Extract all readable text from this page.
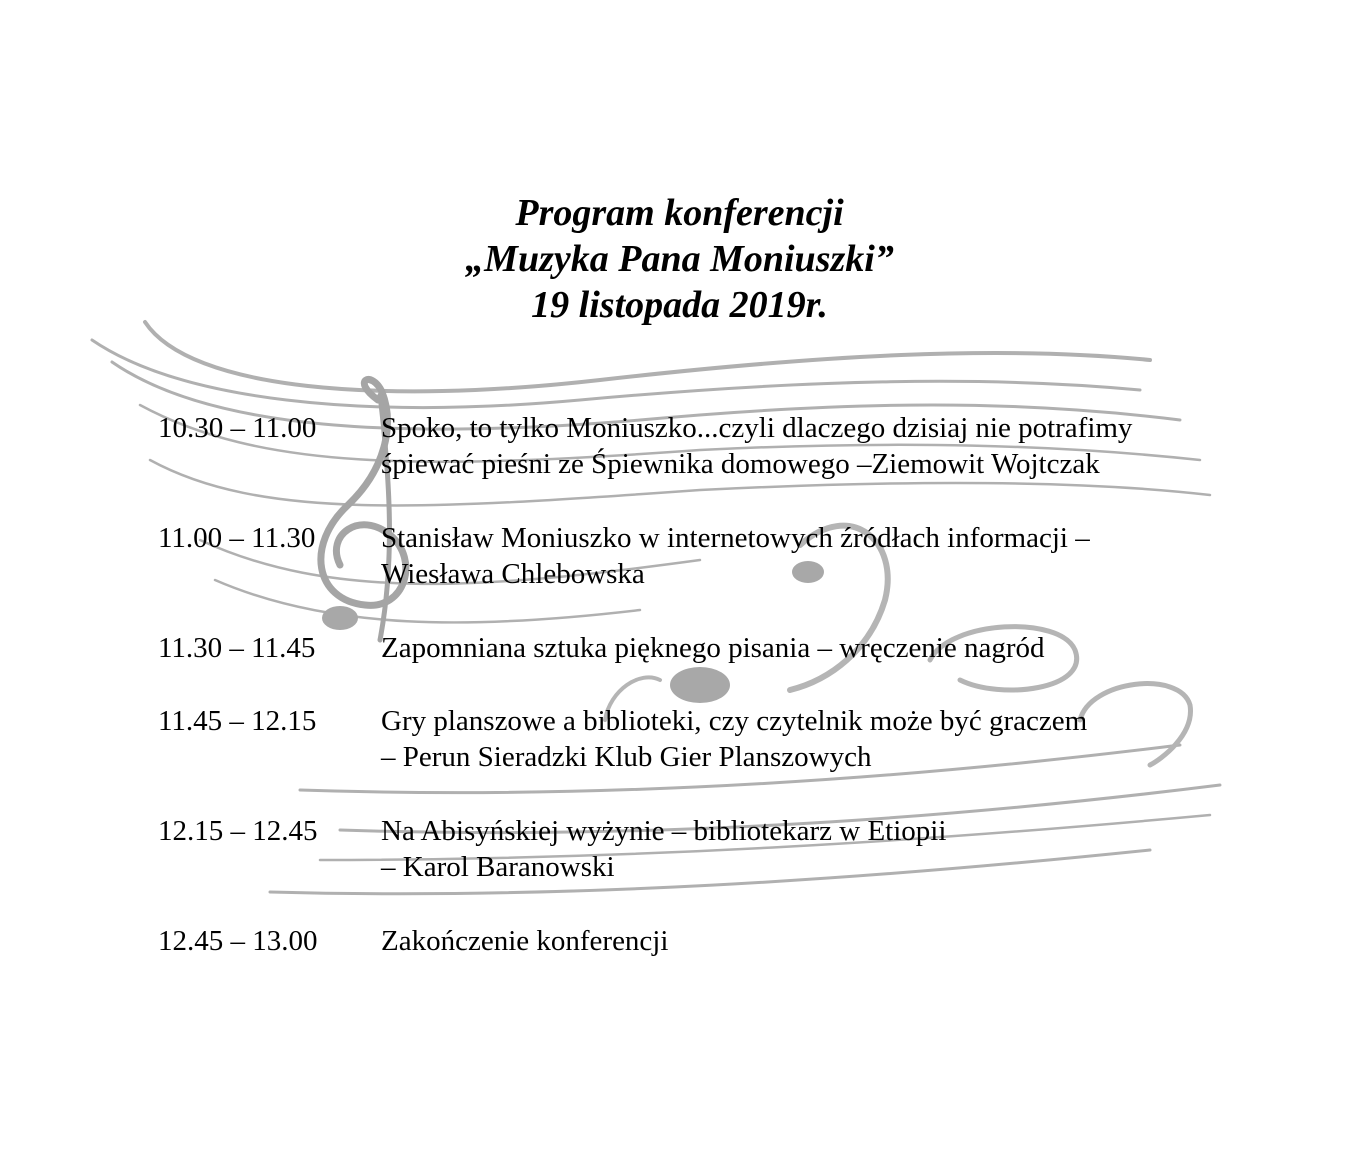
Program konferencji
„Muzyka Pana Moniuszki”
19 listopada 2019r.
10.30 – 11.00 Spoko, to tylko Moniuszko...czyli dlaczego dzisiaj nie potrafimy
śpiewać pieśni ze Śpiewnika domowego –Ziemowit Wojtczak
11.00 – 11.30 Stanisław Moniuszko w internetowych źródłach informacji –
Wiesława Chlebowska
11.30 – 11.45 Zapomniana sztuka pięknego pisania – wręczenie nagród
11.45 – 12.15 Gry planszowe a biblioteki, czy czytelnik może być graczem
– Perun Sieradzki Klub Gier Planszowych
12.15 – 12.45 Na Abisyńskiej wyżynie – bibliotekarz w Etiopii
– Karol Baranowski
12.45 – 13.00 Zakończenie konferencji
